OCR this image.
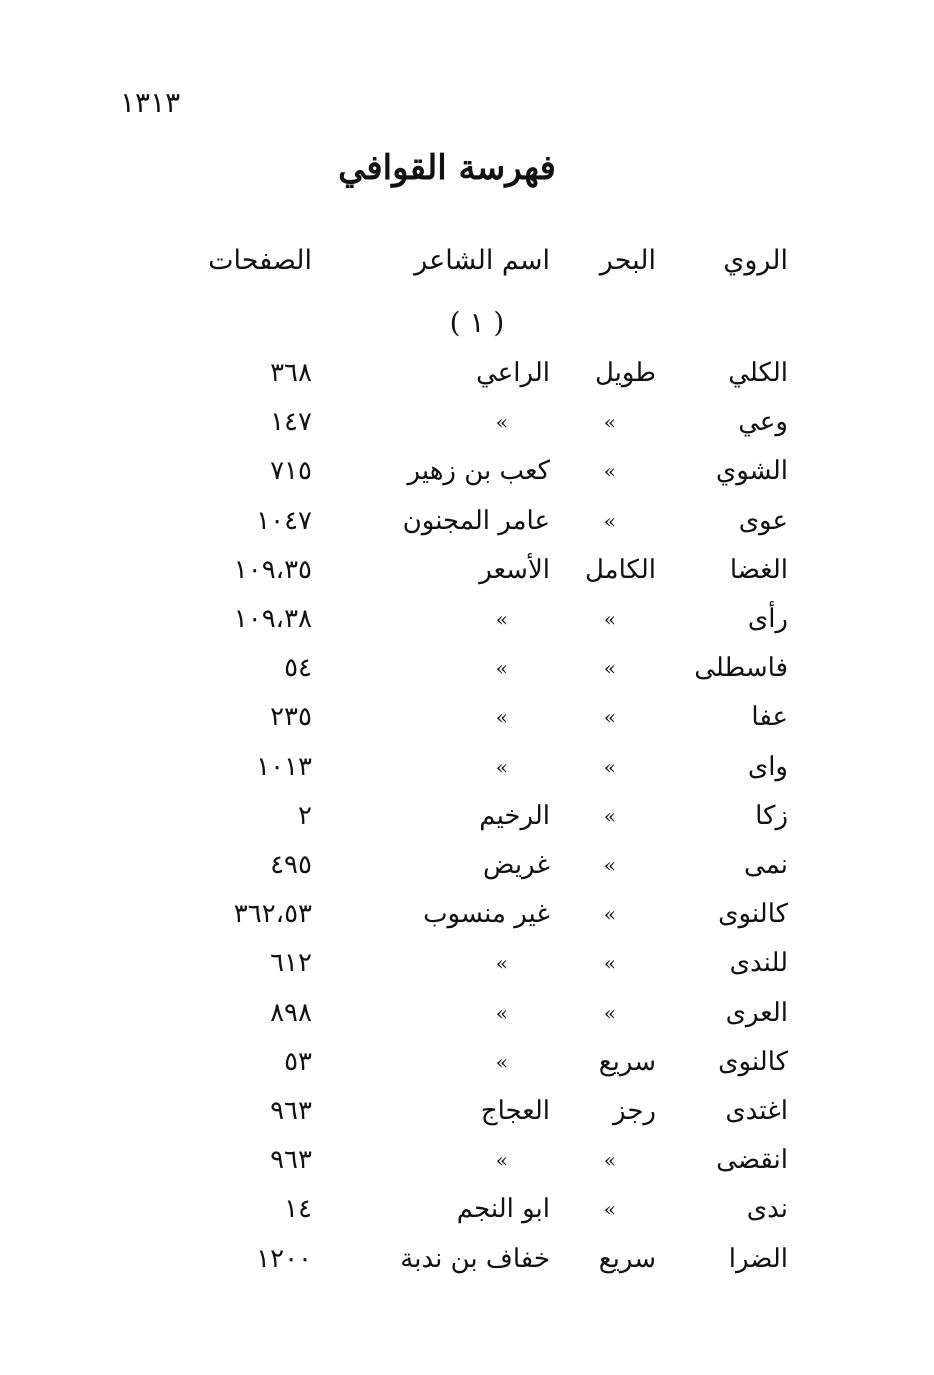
١٣١٣
فهرسة القوافي
الروي
البحر
اسم الشاعر
الصفحات
( ١ )
الكلي
طويل
الراعي
٣٦٨
وعي
»
»
١٤٧
الشوي
»
كعب بن زهير
٧١٥
عوى
»
عامر المجنون
١٠٤٧
الغضا
الكامل
الأسعر
١٠٩،٣٥
رأى
»
»
١٠٩،٣٨
فاسطلى
»
»
٥٤
عفا
»
»
٢٣٥
واى
»
»
١٠١٣
زكا
»
الرخيم
٢
نمى
»
غريض
٤٩٥
كالنوى
»
غير منسوب
٣٦٢،٥٣
للندى
»
»
٦١٢
العرى
»
»
٨٩٨
كالنوى
سريع
»
٥٣
اغتدى
رجز
العجاج
٩٦٣
انقضى
»
»
٩٦٣
ندى
»
ابو النجم
١٤
الضرا
سريع
خفاف بن ندبة
١٢٠٠
